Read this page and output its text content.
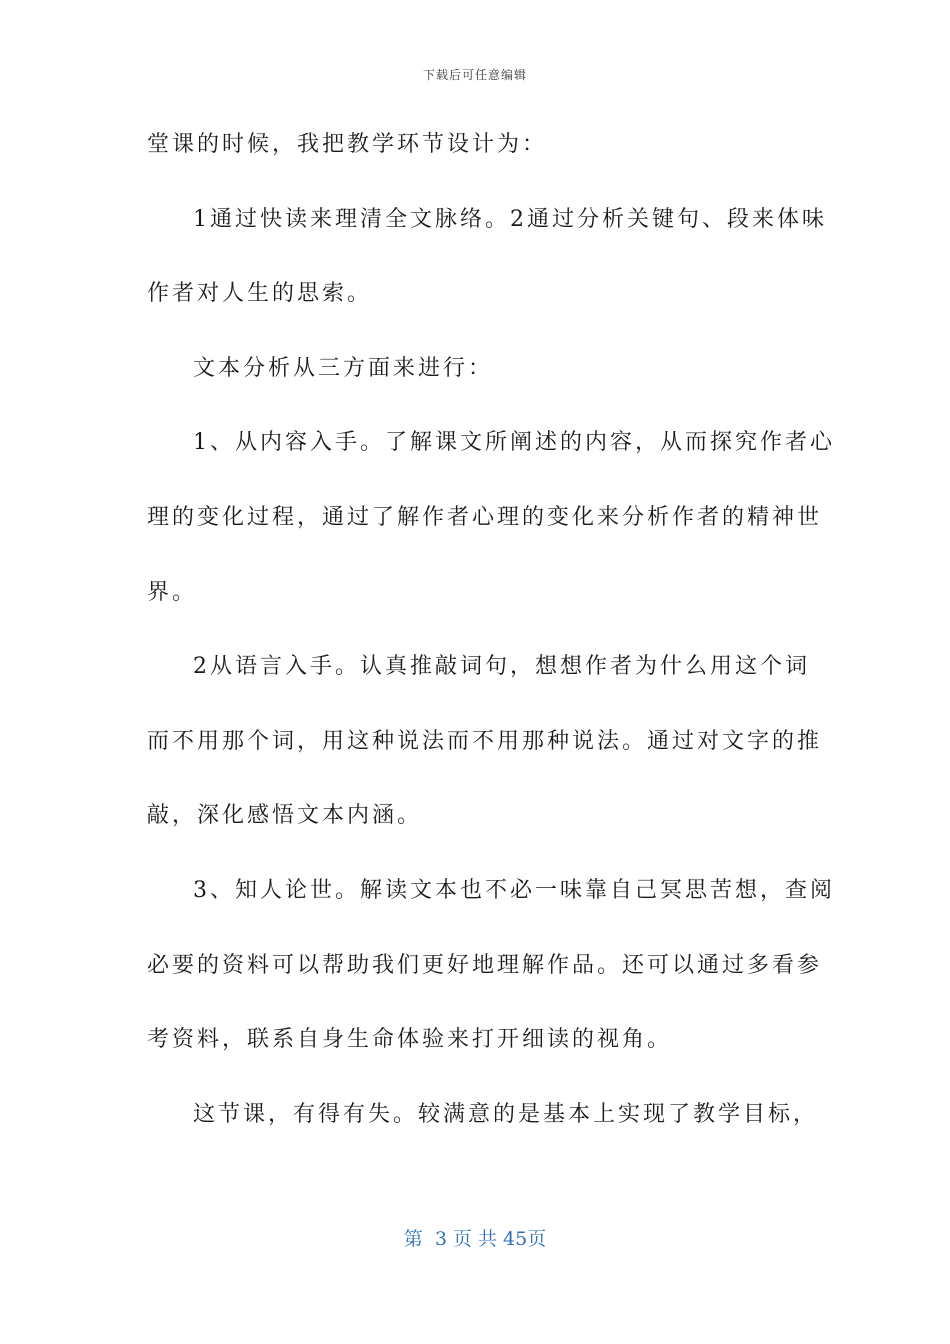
下载后可任意编辑
堂课的时候，我把教学环节设计为：
1通过快读来理清全文脉络。2通过分析关键句、段来体味
作者对人生的思索。
文本分析从三方面来进行：
1、从内容入手。了解课文所阐述的内容，从而探究作者心
理的变化过程，通过了解作者心理的变化来分析作者的精神世
界。
2从语言入手。认真推敲词句，想想作者为什么用这个词
而不用那个词，用这种说法而不用那种说法。通过对文字的推
敲，深化感悟文本内涵。
3、知人论世。解读文本也不必一味靠自己冥思苦想，查阅
必要的资料可以帮助我们更好地理解作品。还可以通过多看参
考资料，联系自身生命体验来打开细读的视角。
这节课，有得有失。较满意的是基本上实现了教学目标，
第  3 页 共 45页
